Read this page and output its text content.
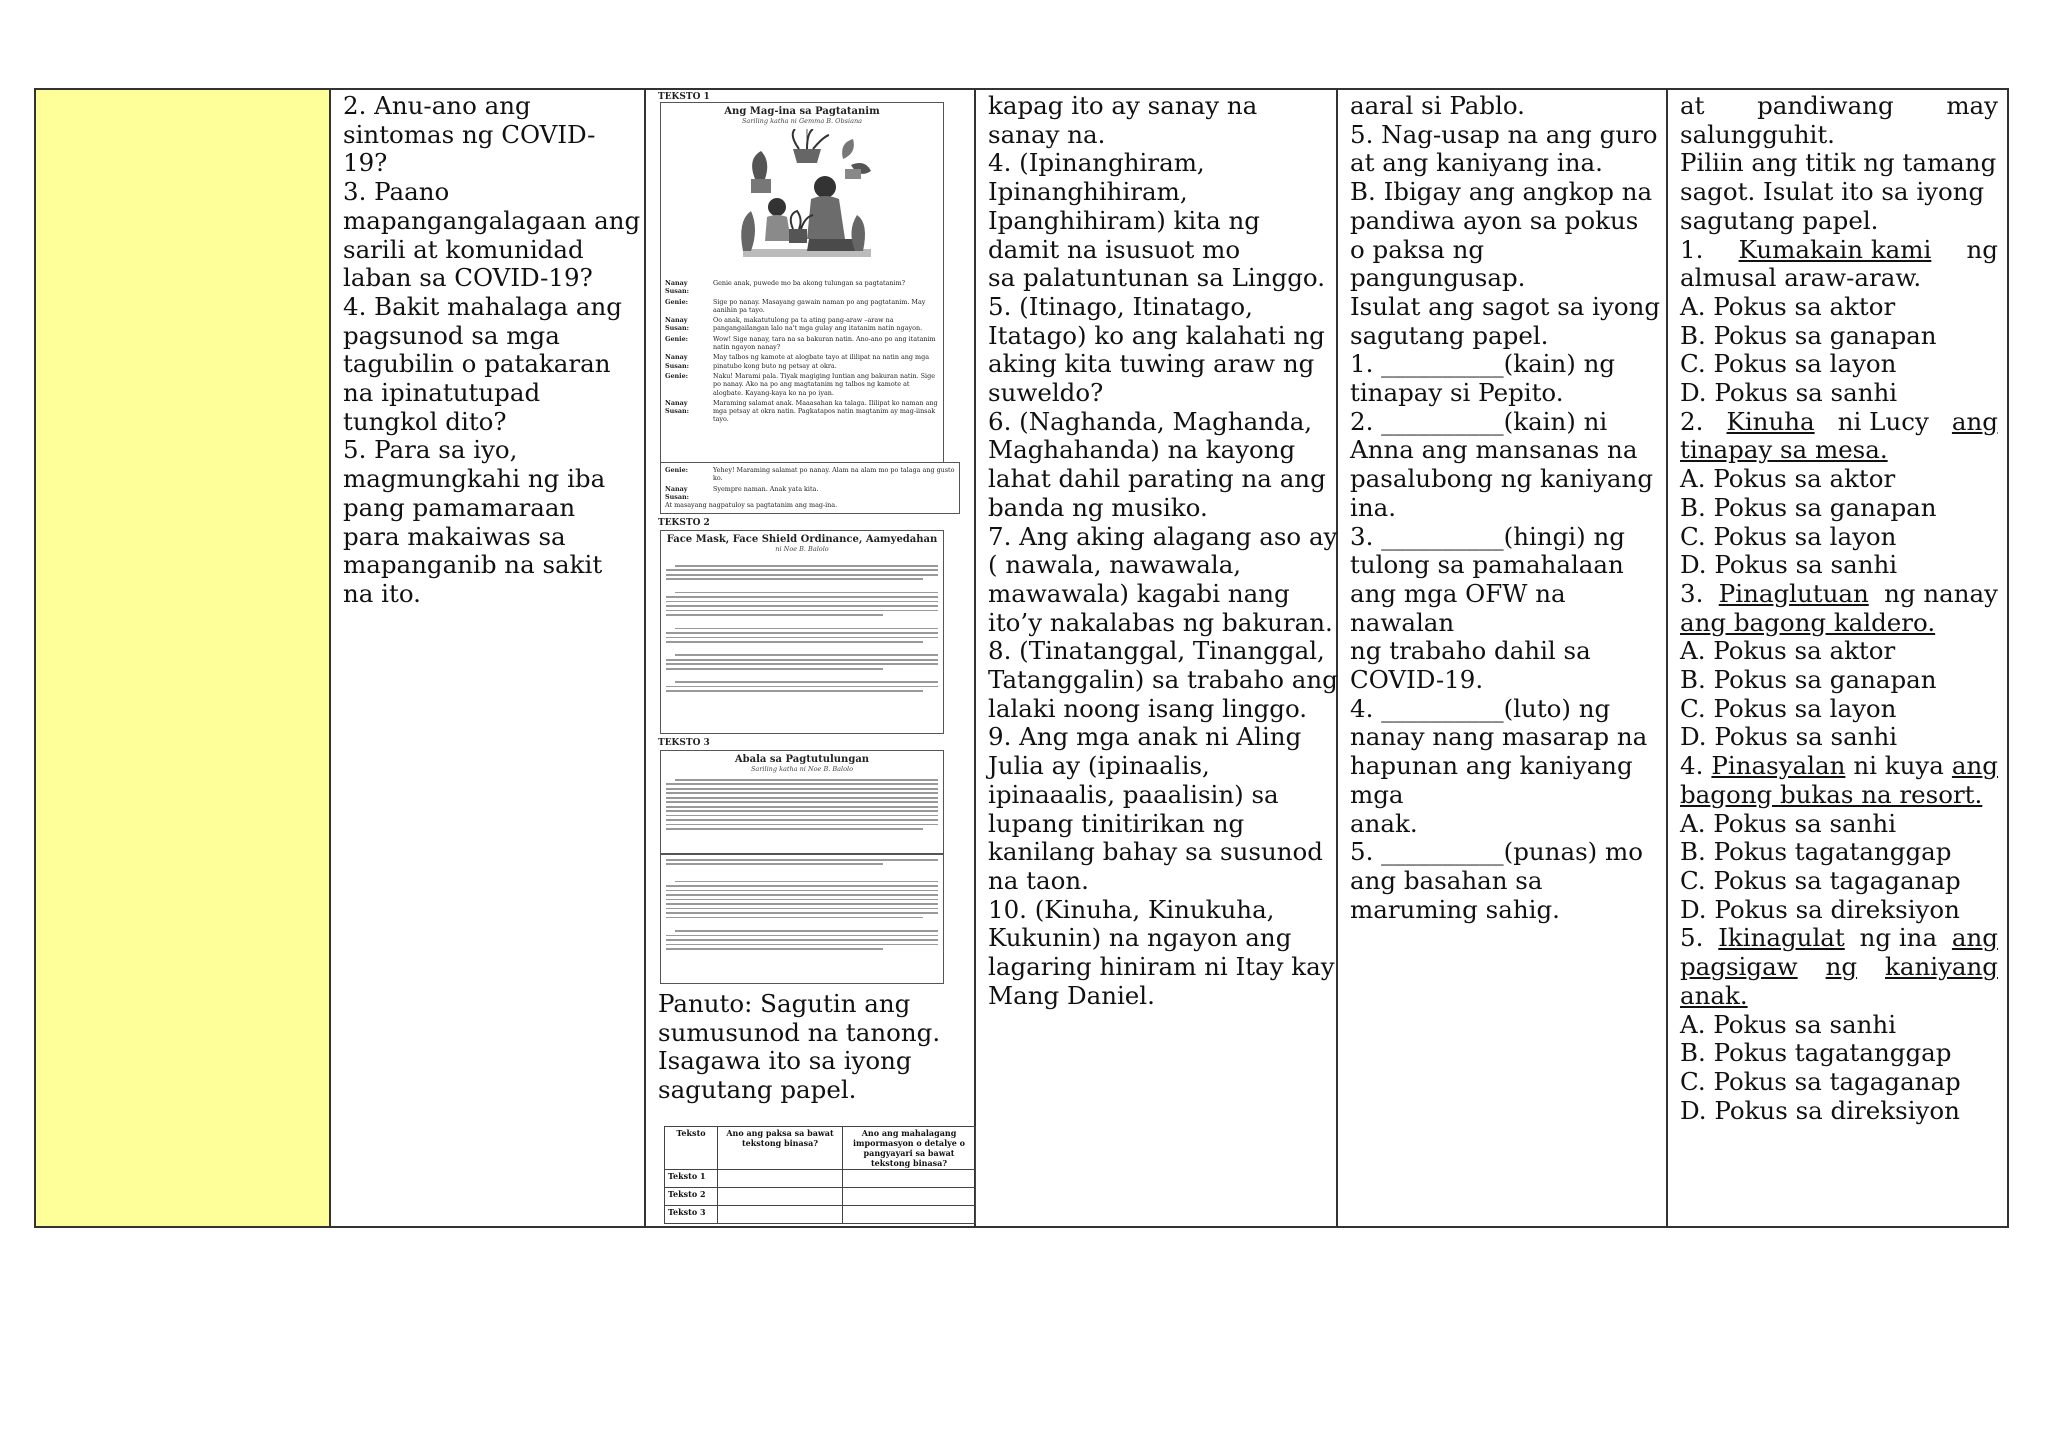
2. Anu-ano ang
sintomas ng COVID-
19?
3. Paano
mapangangalagaan ang
sarili at komunidad
laban sa COVID-19?
4. Bakit mahalaga ang
pagsunod sa mga
tagubilin o patakaran
na ipinatutupad
tungkol dito?
5. Para sa iyo,
magmungkahi ng iba
pang pamamaraan
para makaiwas sa
mapanganib na sakit
na ito.
TEKSTO 1
Ang Mag-ina sa Pagtatanim
Sariling katha ni Gemma B. Obsiana
Nanay Susan:
Genie anak, puwede mo ba akong tulungan sa pagtatanim?
Genie:	Sige po nanay. Masayang gawain naman po ang pagtatanim. May aanihin pa tayo.
Nanay Susan:
Oo anak, makatutulong pa ta ating pang-araw –araw na pangangailangan lalo na't mga gulay ang itatanim natin ngayon.
Genie:	Wow! Sige nanay, tara na sa bakuran natin. Ano-ano po ang itatanim natin ngayon nanay?
Nanay Susan:
May talbos ng kamote at alogbate tayo at ililipat na natin ang mga pinatubo kong buto ng petsay at okra.
Genie:	Naku! Marami pala. Tiyak magiging luntian ang bakuran natin. Sige po nanay. Ako na po ang magtatanim ng talbos ng kamote at alogbate. Kayang-kaya ko na po iyan.
Nanay Susan:
Maraming salamat anak. Maaasahan ka talaga. Ililipat ko naman ang mga petsay at okra natin. Pagkatapos natin magtanim ay mag-iinsak tayo.
Genie:	Yehey! Maraming salamat po nanay. Alam na alam mo po talaga ang gusto ko.
Nanay Susan:
Syempre naman. Anak yata kita.
At masayang nagpatuloy sa pagtatanim ang mag-ina.
TEKSTO 2
Face Mask, Face Shield Ordinance, Aamyedahan
ni Noe B. Balolo
TEKSTO 3
Abala sa Pagtutulungan
Sariling katha ni Noe B. Balolo
Panuto: Sagutin ang
sumusunod na tanong.
Isagawa ito sa iyong
sagutang papel.
Teksto	Ano ang paksa sa bawat tekstong binasa?	Ano ang mahalagang impormasyon o detalye o pangyayari sa bawat tekstong binasa?
Teksto 1		
Teksto 2		
Teksto 3		
kapag ito ay sanay na
sanay na.
4. (Ipinanghiram,
Ipinanghihiram,
Ipanghihiram) kita ng
damit na isusuot mo
sa palatuntunan sa Linggo.
5. (Itinago, Itinatago,
Itatago) ko ang kalahati ng
aking kita tuwing araw ng
suweldo?
6. (Naghanda, Maghanda,
Maghahanda) na kayong
lahat dahil parating na ang
banda ng musiko.
7. Ang aking alagang aso ay
( nawala, nawawala,
mawawala) kagabi nang
ito’y nakalabas ng bakuran.
8. (Tinatanggal, Tinanggal,
Tatanggalin) sa trabaho ang
lalaki noong isang linggo.
9. Ang mga anak ni Aling
Julia ay (ipinaalis,
ipinaaalis, paaalisin) sa
lupang tinitirikan ng
kanilang bahay sa susunod
na taon.
10. (Kinuha, Kinukuha,
Kukunin) na ngayon ang
lagaring hiniram ni Itay kay
Mang Daniel.
aaral si Pablo.
5. Nag-usap na ang guro
at ang kaniyang ina.
B. Ibigay ang angkop na
pandiwa ayon sa pokus
o paksa ng
pangungusap.
Isulat ang sagot sa iyong
sagutang papel.
1. __________(kain) ng
tinapay si Pepito.
2. __________(kain) ni
Anna ang mansanas na
pasalubong ng kaniyang
ina.
3. __________(hingi) ng
tulong sa pamahalaan
ang mga OFW na
nawalan
ng trabaho dahil sa
COVID-19.
4. __________(luto) ng
nanay nang masarap na
hapunan ang kaniyang
mga
anak.
5. __________(punas) mo
ang basahan sa
maruming sahig.
at pandiwang may
salungguhit.
Piliin ang titik ng tamang
sagot. Isulat ito sa iyong
sagutang papel.
1. Kumakain kami ng
almusal araw-araw.
A. Pokus sa aktor
B. Pokus sa ganapan
C. Pokus sa layon
D. Pokus sa sanhi
2. Kinuha ni Lucy ang
tinapay sa mesa.
A. Pokus sa aktor
B. Pokus sa ganapan
C. Pokus sa layon
D. Pokus sa sanhi
3. Pinaglutuan ng nanay
ang bagong kaldero.
A. Pokus sa aktor
B. Pokus sa ganapan
C. Pokus sa layon
D. Pokus sa sanhi
4. Pinasyalan ni kuya ang
bagong bukas na resort.
A. Pokus sa sanhi
B. Pokus tagatanggap
C. Pokus sa tagaganap
D. Pokus sa direksiyon
5. Ikinagulat ng ina ang
pagsigaw ng kaniyang
anak.
A. Pokus sa sanhi
B. Pokus tagatanggap
C. Pokus sa tagaganap
D. Pokus sa direksiyon
